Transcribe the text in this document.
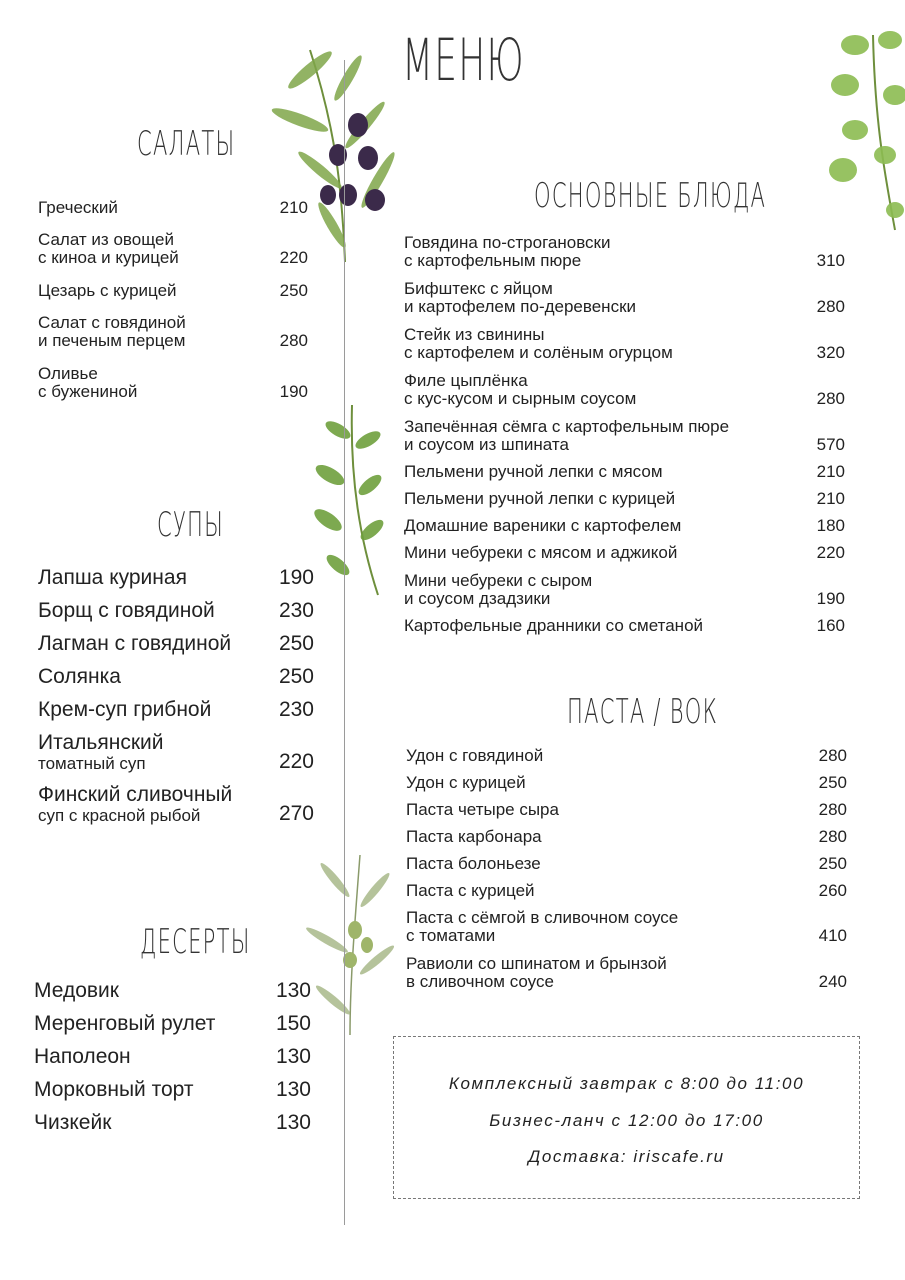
МЕНЮ
САЛАТЫ
СУПЫ
ДЕСЕРТЫ
ОСНОВНЫЕ БЛЮДА
ПАСТА / ВОК
Греческий	210
Салат из овощей
с киноа и курицей	220
Цезарь с курицей	250
Салат с говядиной
и печеным перцем	280
Оливье
с бужениной	190
Лапша куриная	190
Борщ с говядиной	230
Лагман с говядиной	250
Солянка	250
Крем-суп грибной	230
Итальянский
томатный суп	220
Финский сливочный
суп с красной рыбой	270
Медовик	130
Меренговый рулет	150
Наполеон	130
Морковный торт	130
Чизкейк	130
Говядина по-строгановски
с картофельным пюре	310
Бифштекс с яйцом
и картофелем по-деревенски	280
Стейк из свинины
с картофелем и солёным огурцом	320
Филе цыплёнка
с кус-кусом и сырным соусом	280
Запечённая сёмга с картофельным пюре
и соусом из шпината	570
Пельмени ручной лепки с мясом	210
Пельмени ручной лепки с курицей	210
Домашние вареники с картофелем	180
Мини чебуреки с мясом и аджикой	220
Мини чебуреки с сыром
и соусом дзадзики	190
Картофельные дранники со сметаной	160
Удон с говядиной	280
Удон с курицей	250
Паста четыре сыра	280
Паста карбонара	280
Паста болоньезе	250
Паста с курицей	260
Паста с сёмгой в сливочном соусе
с томатами	410
Равиоли со шпинатом и брынзой
в сливочном соусе	240
Комплексный завтрак с 8:00 до 11:00
Бизнес-ланч с 12:00 до 17:00
Доставка: iriscafe.ru
